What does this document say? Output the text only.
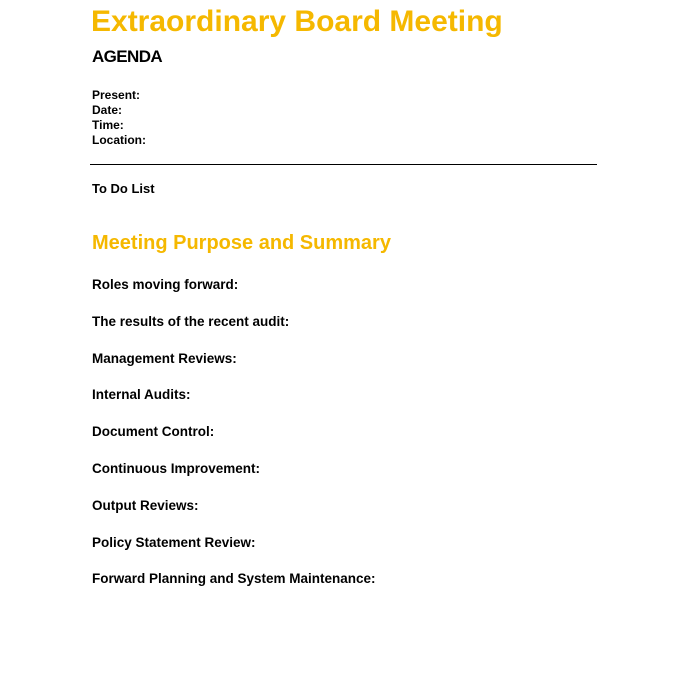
Extraordinary Board Meeting
AGENDA
Present:
Date:
Time:
Location:
To Do List
Meeting Purpose and Summary
Roles moving forward:
The results of the recent audit:
Management Reviews:
Internal Audits:
Document Control:
Continuous Improvement:
Output Reviews:
Policy Statement Review:
Forward Planning and System Maintenance:
